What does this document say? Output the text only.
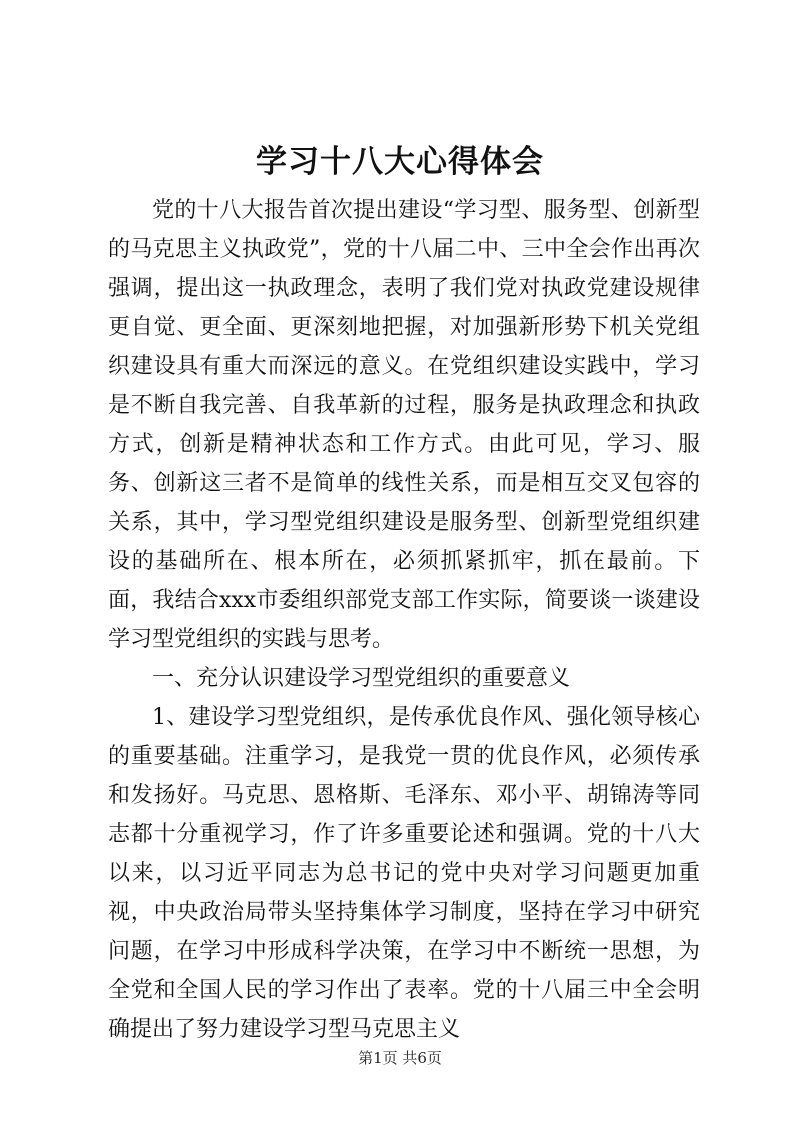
学习十八大心得体会

党的十八大报告首次提出建设“学习型、服务型、创新型的马克思主义执政党”，党的十八届二中、三中全会作出再次强调，提出这一执政理念，表明了我们党对执政党建设规律更自觉、更全面、更深刻地把握，对加强新形势下机关党组织建设具有重大而深远的意义。在党组织建设实践中，学习是不断自我完善、自我革新的过程，服务是执政理念和执政方式，创新是精神状态和工作方式。由此可见，学习、服务、创新这三者不是简单的线性关系，而是相互交叉包容的关系，其中，学习型党组织建设是服务型、创新型党组织建设的基础所在、根本所在，必须抓紧抓牢，抓在最前。下面，我结合xxx市委组织部党支部工作实际，简要谈一谈建设学习型党组织的实践与思考。

一、充分认识建设学习型党组织的重要意义

1、建设学习型党组织，是传承优良作风、强化领导核心的重要基础。注重学习，是我党一贯的优良作风，必须传承和发扬好。马克思、恩格斯、毛泽东、邓小平、胡锦涛等同志都十分重视学习，作了许多重要论述和强调。党的十八大以来，以习近平同志为总书记的党中央对学习问题更加重视，中央政治局带头坚持集体学习制度，坚持在学习中研究问题，在学习中形成科学决策，在学习中不断统一思想，为全党和全国人民的学习作出了表率。党的十八届三中全会明确提出了努力建设学习型马克思主义

第1页 共6页
